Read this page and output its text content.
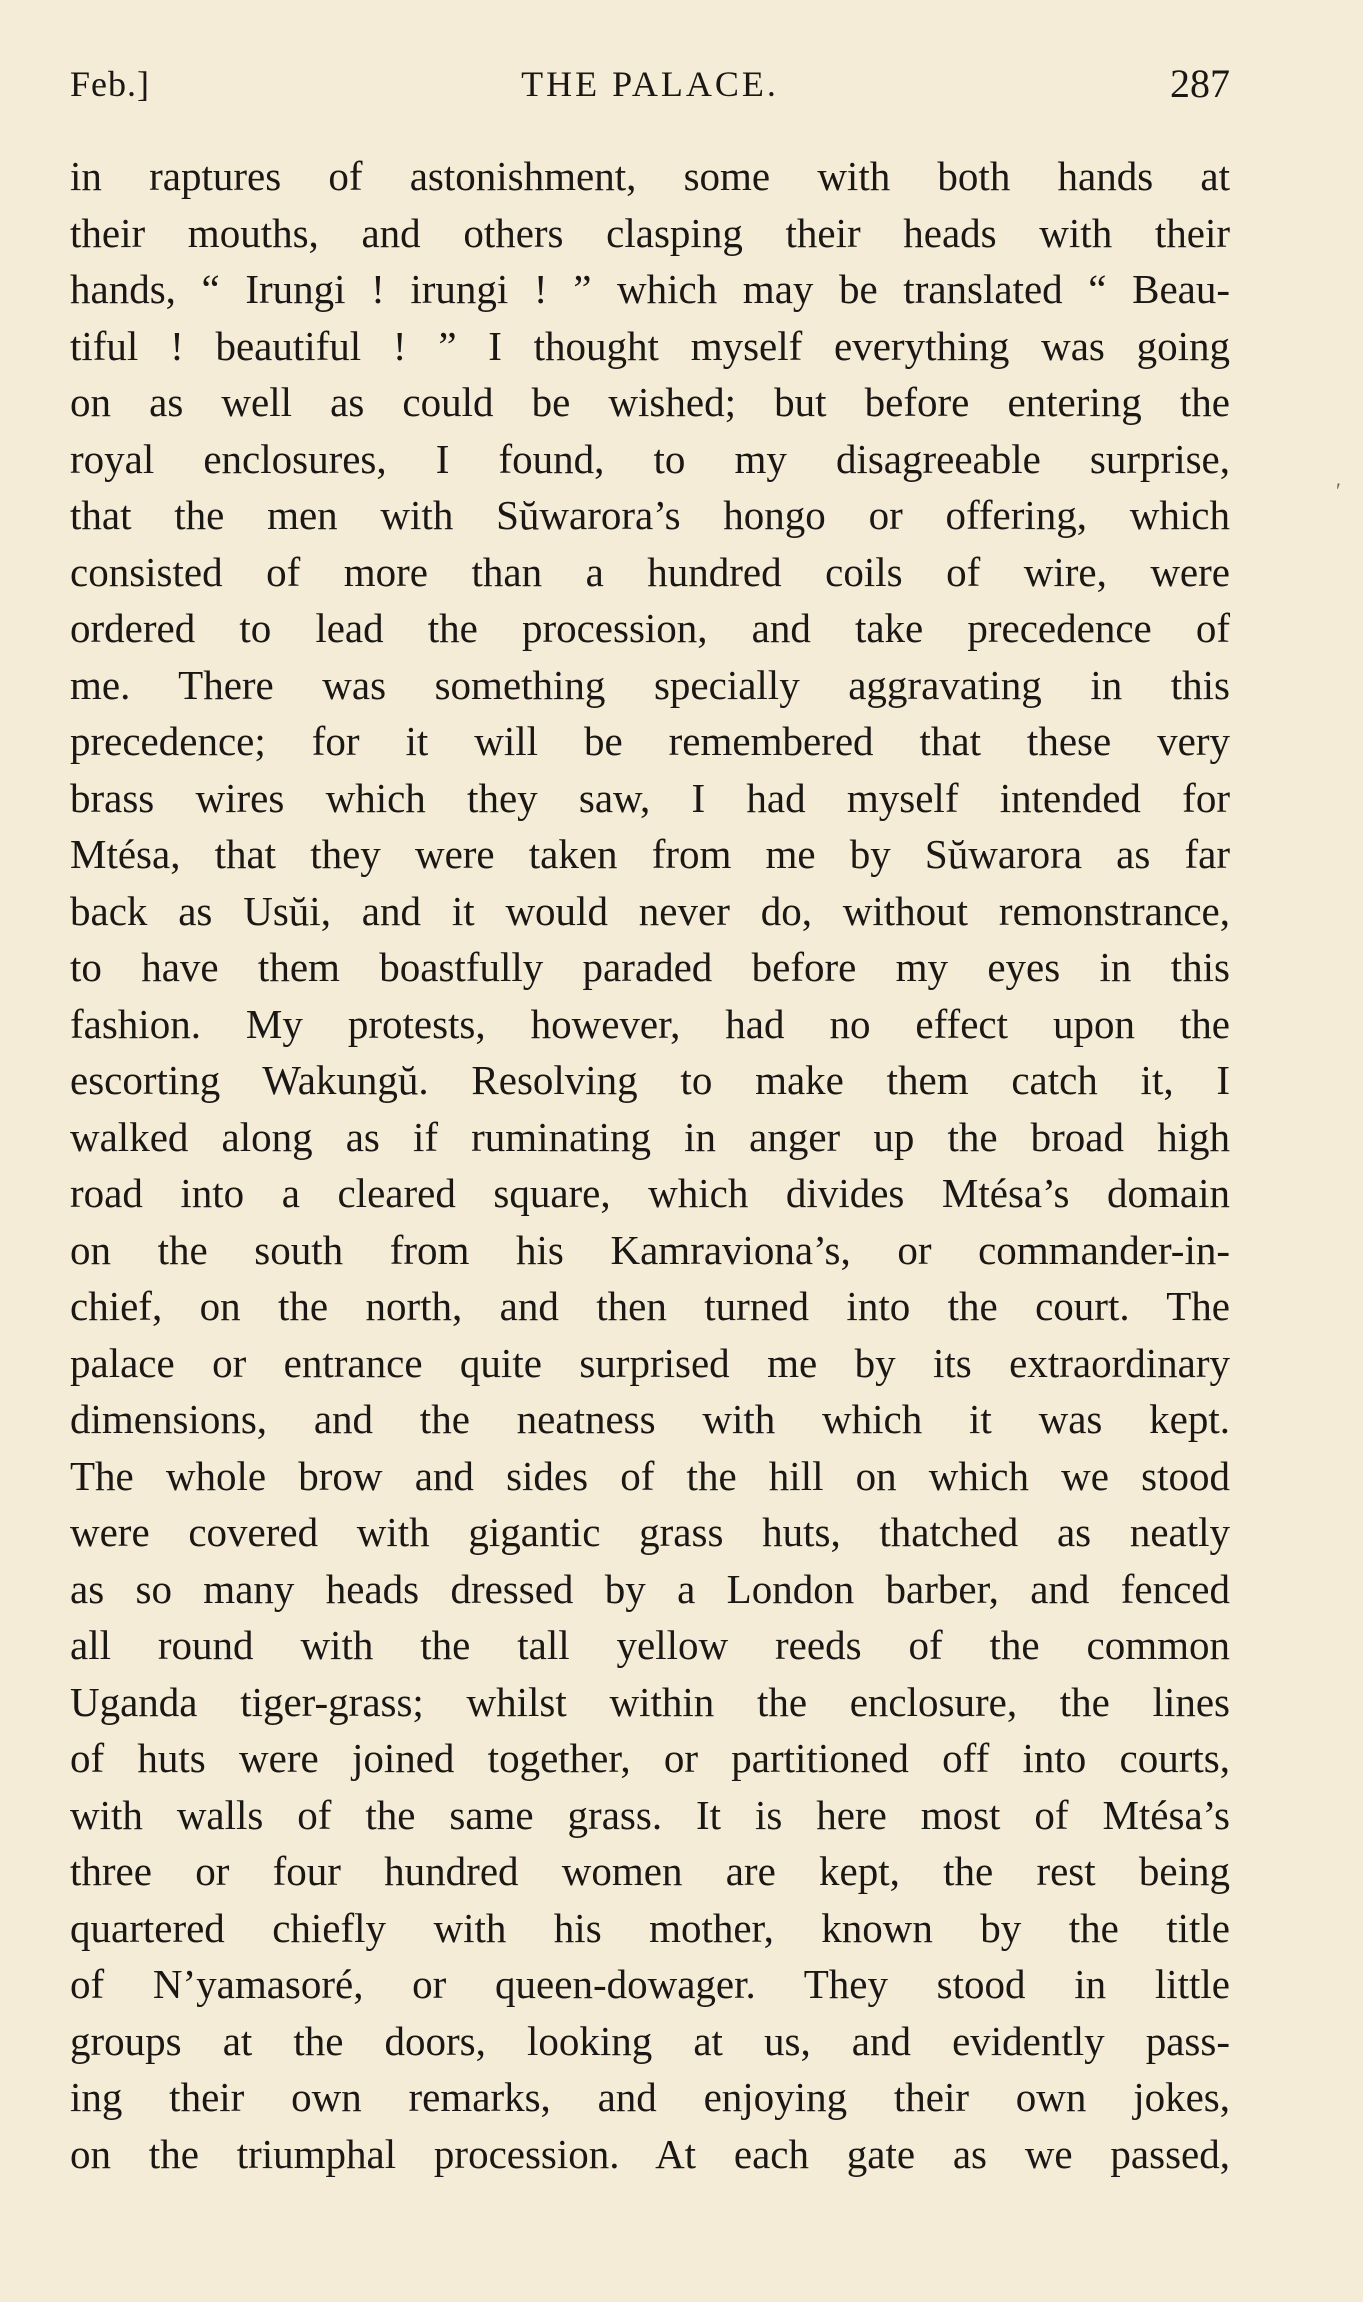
Feb.]	THE PALACE.	287
′
in raptures of astonishment, some with both hands at
their mouths, and others clasping their heads with their
hands, “ Irungi ! irungi ! ” which may be translated “ Beau-
tiful ! beautiful ! ” I thought myself everything was going
on as well as could be wished; but before entering the
royal enclosures, I found, to my disagreeable surprise,
that the men with Sŭwarora’s hongo or offering, which
consisted of more than a hundred coils of wire, were
ordered to lead the procession, and take precedence of
me. There was something specially aggravating in this
precedence; for it will be remembered that these very
brass wires which they saw, I had myself intended for
Mtésa, that they were taken from me by Sŭwarora as far
back as Usŭi, and it would never do, without remonstrance,
to have them boastfully paraded before my eyes in this
fashion. My protests, however, had no effect upon the
escorting Wakungŭ. Resolving to make them catch it, I
walked along as if ruminating in anger up the broad high
road into a cleared square, which divides Mtésa’s domain
on the south from his Kamraviona’s, or commander-in-
chief, on the north, and then turned into the court. The
palace or entrance quite surprised me by its extraordinary
dimensions, and the neatness with which it was kept.
The whole brow and sides of the hill on which we stood
were covered with gigantic grass huts, thatched as neatly
as so many heads dressed by a London barber, and fenced
all round with the tall yellow reeds of the common
Uganda tiger-grass; whilst within the enclosure, the lines
of huts were joined together, or partitioned off into courts,
with walls of the same grass. It is here most of Mtésa’s
three or four hundred women are kept, the rest being
quartered chiefly with his mother, known by the title
of N’yamasoré, or queen-dowager. They stood in little
groups at the doors, looking at us, and evidently pass-
ing their own remarks, and enjoying their own jokes,
on the triumphal procession. At each gate as we passed,
